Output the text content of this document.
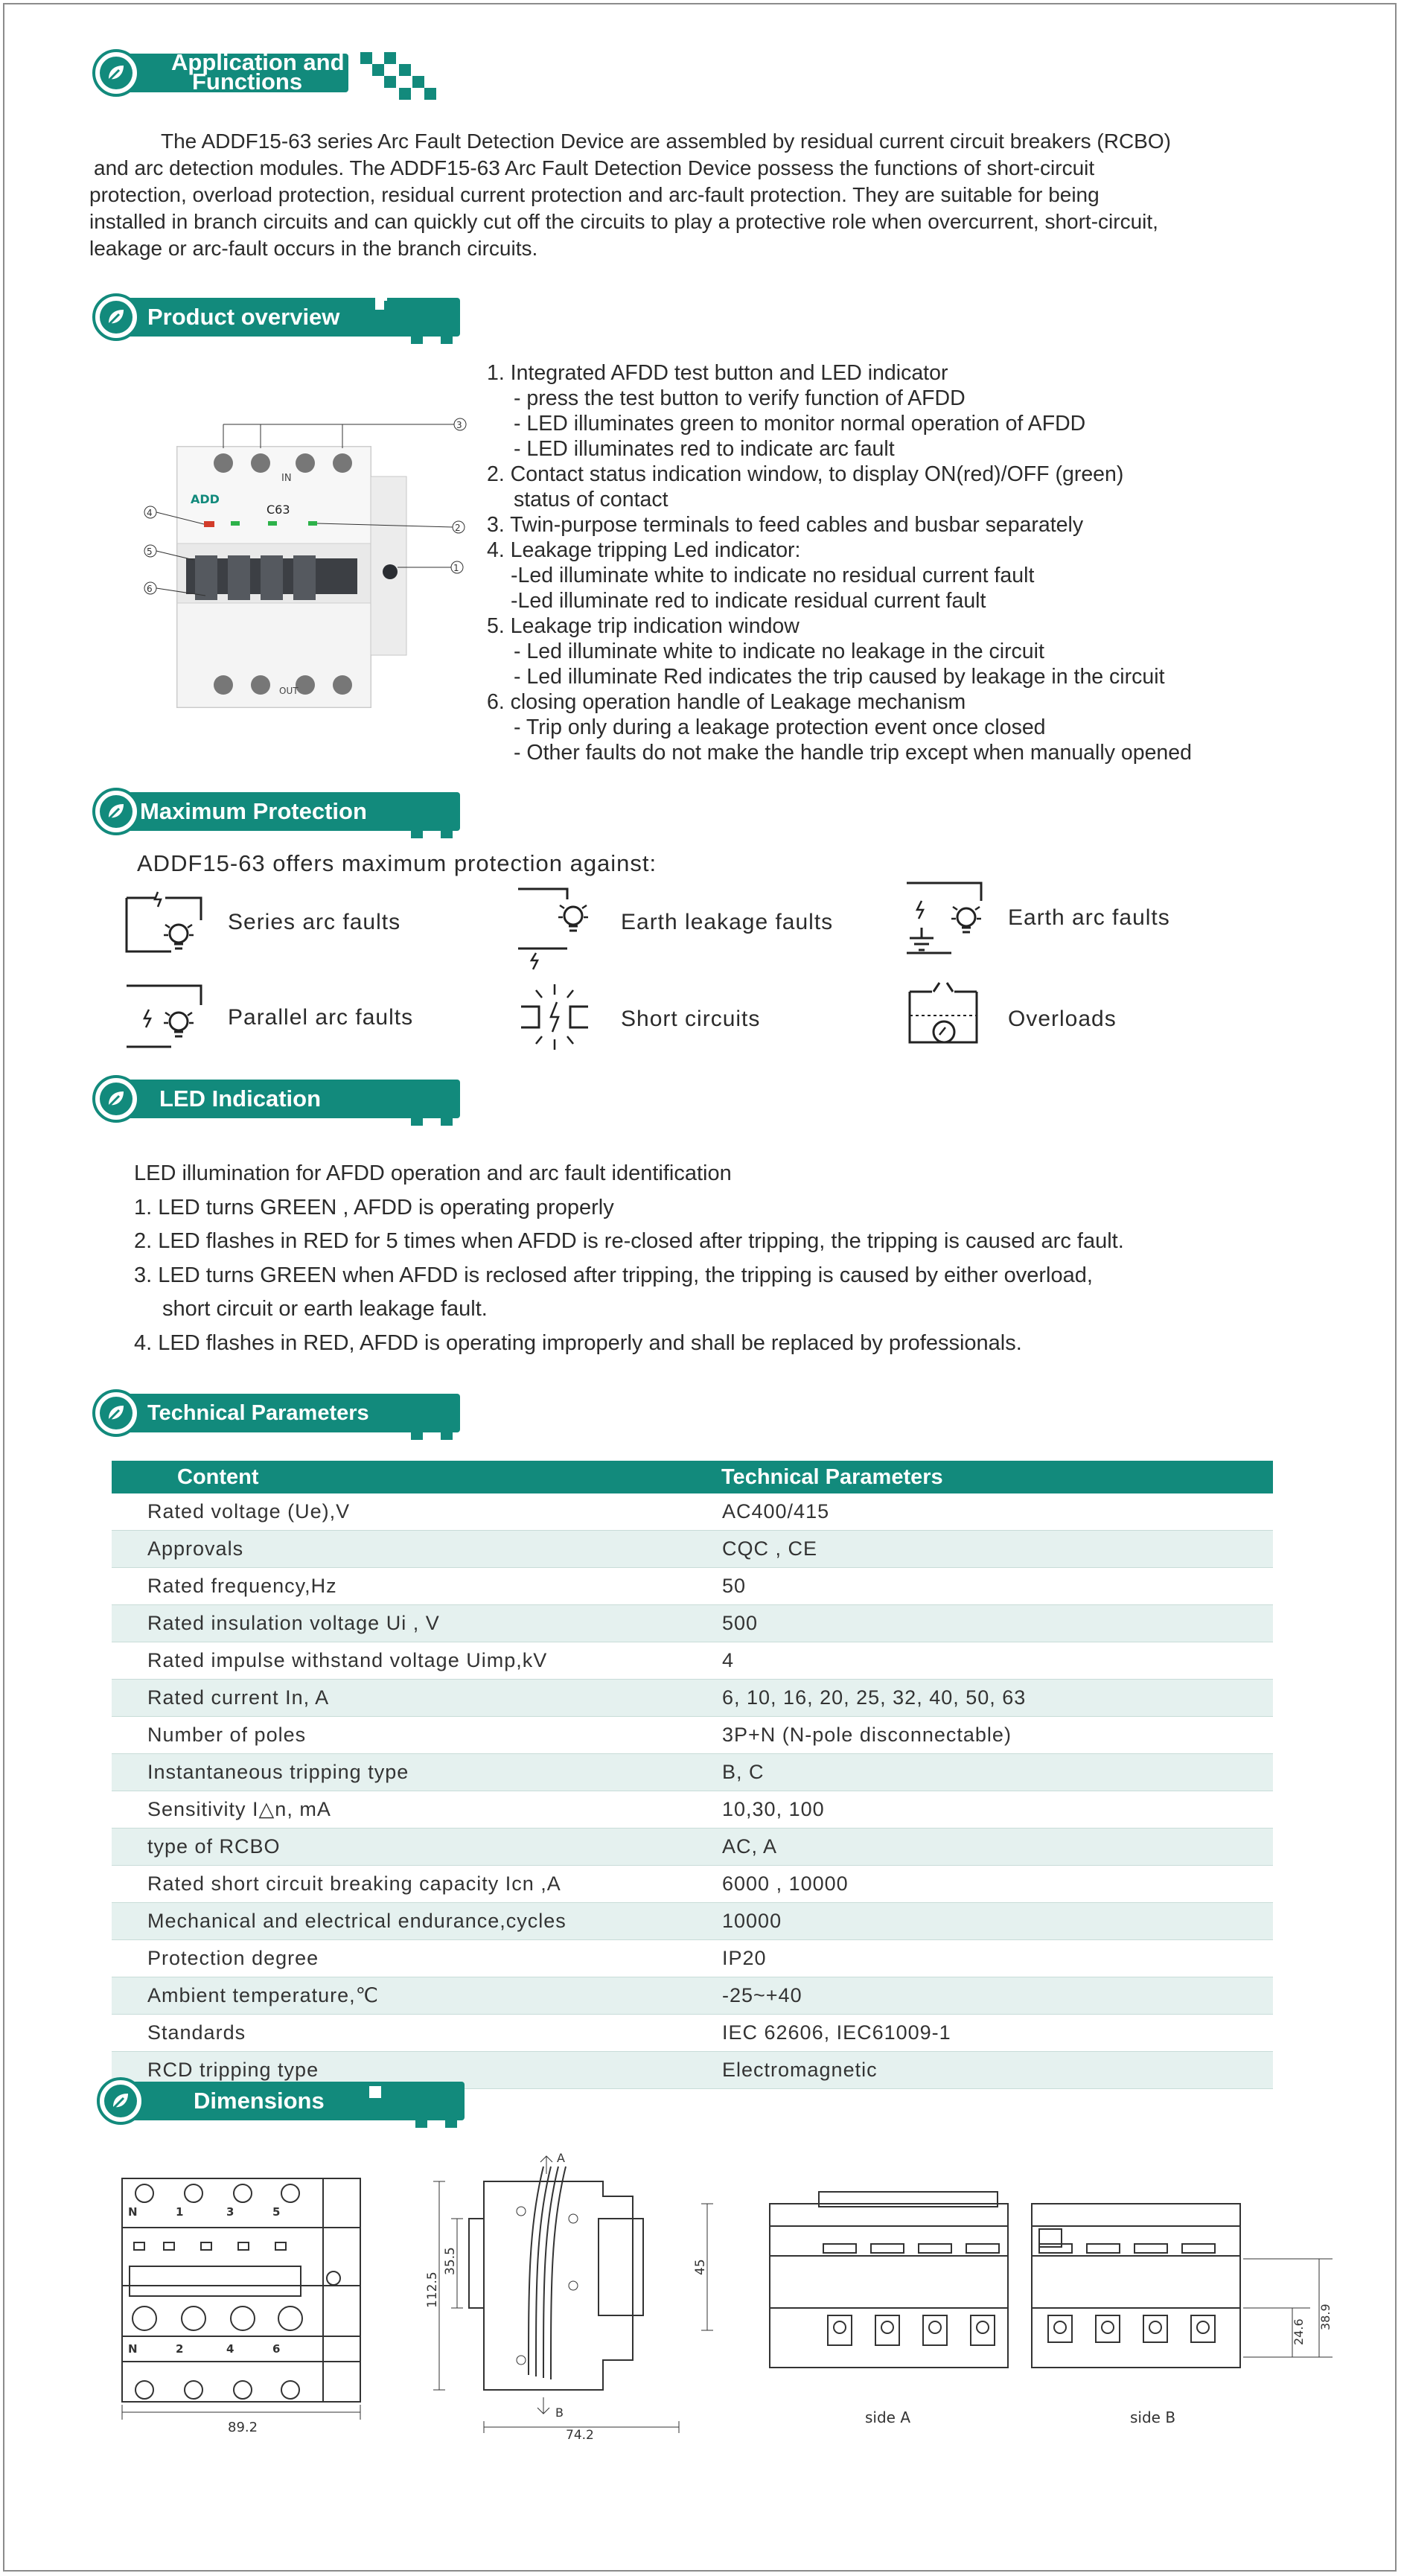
Application and
Functions
The ADDF15-63 series Arc Fault Detection Device are assembled by residual current circuit breakers (RCBO)
and arc detection modules. The ADDF15-63 Arc Fault Detection Device possess the functions of short-circuit
protection, overload protection, residual current protection and arc-fault protection. They are suitable for being
installed in branch circuits and can quickly cut off the circuits to play a protective role when overcurrent, short-circuit,
leakage or arc-fault occurs in the branch circuits.
Product overview
IN
OUT
ADD
C63
3
2
1
4
5
6
1. Integrated AFDD test button and LED indicator
- press the test button to verify function of AFDD
- LED illuminates green to monitor normal operation of AFDD
- LED illuminates red to indicate arc fault
2. Contact status indication window, to display ON(red)/OFF (green)
status of contact
3. Twin-purpose terminals to feed cables and busbar separately
4. Leakage tripping Led indicator:
-Led illuminate white to indicate no residual current fault
-Led illuminate red to indicate residual current fault
5. Leakage trip indication window
- Led illuminate white to indicate no leakage in the circuit
- Led illuminate Red indicates the trip caused by leakage in the circuit
6. closing operation handle of Leakage mechanism
- Trip only during a leakage protection event once closed
- Other faults do not make the handle trip except when manually opened
Maximum Protection
ADDF15-63 offers maximum protection against:
Series arc faults	Earth leakage faults	Earth arc faults
Parallel arc faults	Short circuits	Overloads
LED Indication
LED illumination for AFDD operation and arc fault identification
1. LED turns GREEN , AFDD is operating properly
2. LED flashes in RED for 5 times when AFDD is re-closed after tripping, the tripping is caused arc fault.
3. LED turns GREEN when AFDD is reclosed after tripping, the tripping is caused by either overload,
short circuit or earth leakage fault.
4. LED flashes in RED, AFDD is operating improperly and shall be replaced by professionals.
Technical Parameters
Content	Technical Parameters
Rated voltage (Ue),V	AC400/415
Approvals	CQC , CE
Rated frequency,Hz	50
Rated insulation voltage Ui , V	500
Rated impulse withstand voltage Uimp,kV	4
Rated current In, A	6, 10, 16, 20, 25, 32, 40, 50, 63
Number of poles	3P+N (N-pole disconnectable)
Instantaneous tripping type	B, C
Sensitivity I△n, mA	10,30, 100
type of RCBO	AC, A
Rated short circuit breaking capacity Icn ,A	6000 , 10000
Mechanical and electrical endurance,cycles	10000
Protection degree	IP20
Ambient temperature,℃	-25~+40
Standards	IEC 62606, IEC61009-1
RCD tripping type	Electromagnetic
Dimensions
N	1	3	5
N	2	4	6
89.2
A
B
112.5
35.5	45
74.2
24.6
38.9
side A	side B
